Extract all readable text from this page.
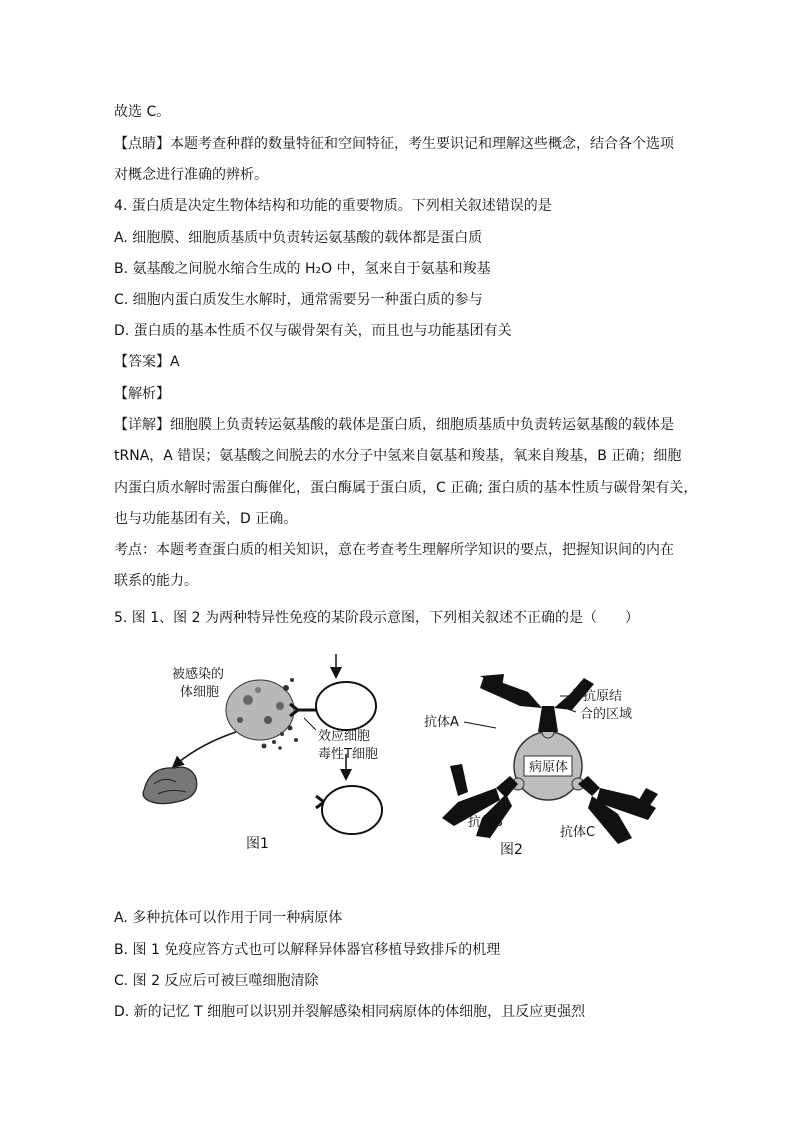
故选 C。
【点睛】本题考查种群的数量特征和空间特征，考生要识记和理解这些概念，结合各个选项
对概念进行准确的辨析。
4. 蛋白质是决定生物体结构和功能的重要物质。下列相关叙述错误的是
A. 细胞膜、细胞质基质中负责转运氨基酸的载体都是蛋白质
B. 氨基酸之间脱水缩合生成的 H₂O 中，氢来自于氨基和羧基
C. 细胞内蛋白质发生水解时，通常需要另一种蛋白质的参与
D. 蛋白质的基本性质不仅与碳骨架有关，而且也与功能基团有关
【答案】A
【解析】
【详解】细胞膜上负责转运氨基酸的载体是蛋白质，细胞质基质中负责转运氨基酸的载体是
tRNA，A 错误；氨基酸之间脱去的水分子中氢来自氨基和羧基，氧来自羧基，B 正确；细胞
内蛋白质水解时需蛋白酶催化，蛋白酶属于蛋白质，C 正确; 蛋白质的基本性质与碳骨架有关，
也与功能基团有关，D 正确。
考点：本题考查蛋白质的相关知识，意在考查考生理解所学知识的要点，把握知识间的内在
联系的能力。
5. 图 1、图 2 为两种特异性免疫的某阶段示意图，下列相关叙述不正确的是（　　）
被感染的
体细胞
效应细胞
毒性T细胞
图1
病原体
与抗原结
合的区域
抗体A
抗体B
抗体C
图2
A. 多种抗体可以作用于同一种病原体
B. 图 1 免疫应答方式也可以解释异体器官移植导致排斥的机理
C. 图 2 反应后可被巨噬细胞清除
D. 新的记忆 T 细胞可以识别并裂解感染相同病原体的体细胞，且反应更强烈
